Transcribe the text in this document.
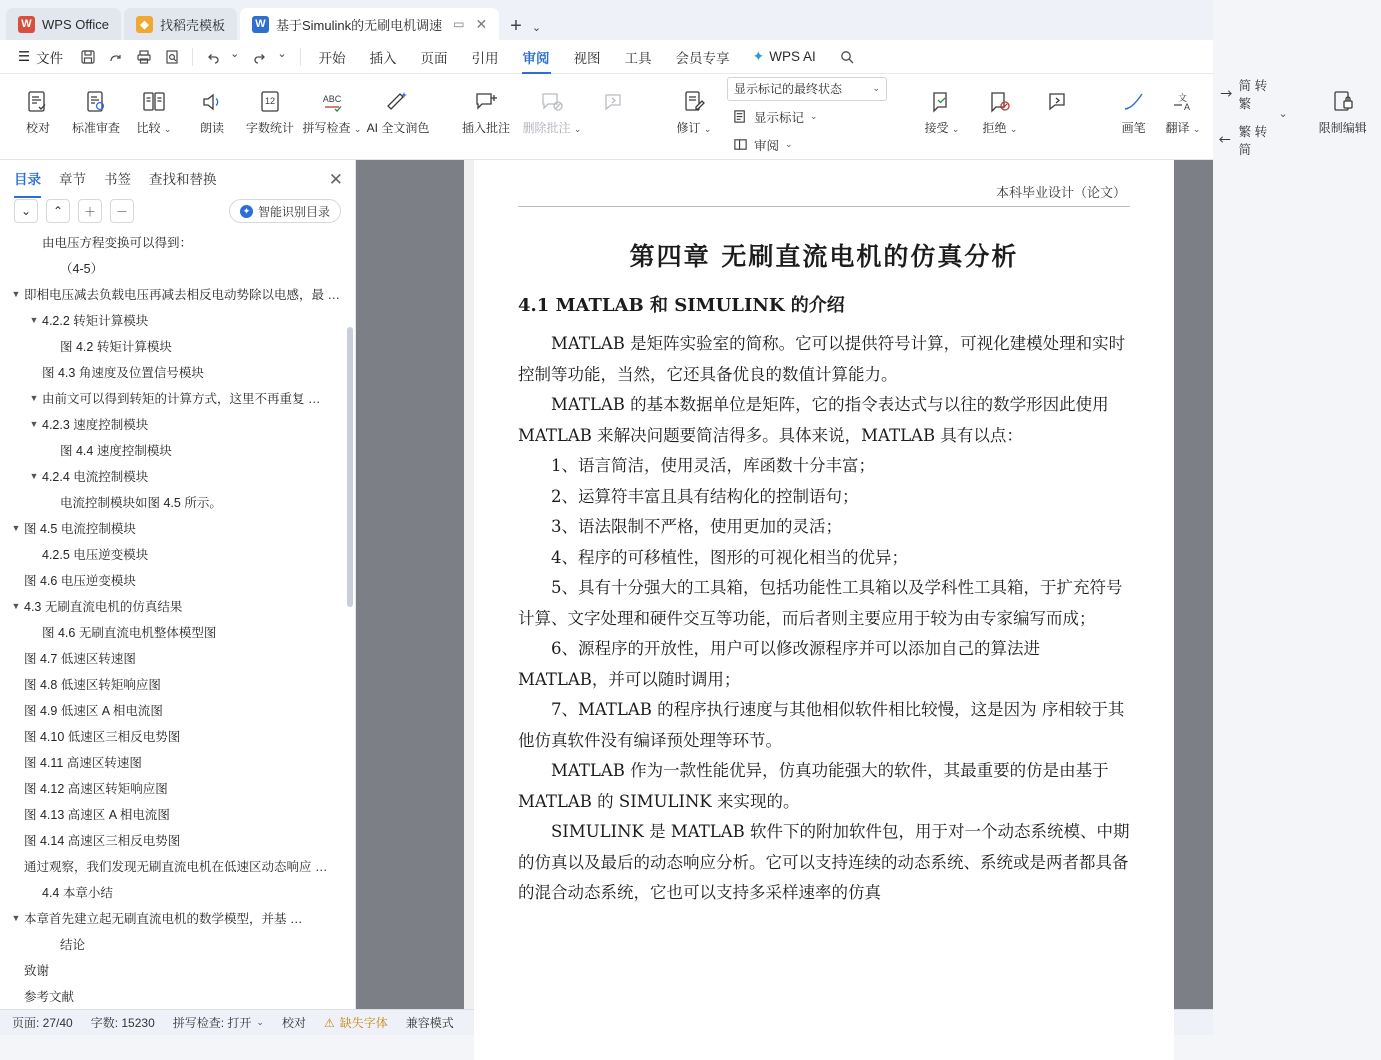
W WPS Office	◆ 找稻壳模板	W 基于Simulink的无刷电机调速 ▭ ✕	+ ⌄
☰ 文件	⌄	⌄	开始	插入	页面	引用	审阅	视图	工具	会员专享	✦ WPS AI
校对 标准审查 比较 ⌄ 朗读
12
字数统计
ABC
拼写检查 ⌄ AI 全文润色	插入批注 删除批注 ⌄	修订 ⌄
显示标记的最终状态	⌄
显示标记 ⌄
审阅 ⌄
接受 ⌄ 拒绝 ⌄	画笔
文
A
翻译 ⌄
简 转繁
繁 转简
⌄
限制编辑
目录 章节 书签 查找和替换	✕
⌄	⌃	＋	－	✦ 智能识别目录
由电压方程变换可以得到：
（4-5）
▼ 即相电压减去负载电压再减去相反电动势除以电感，最 …
▼ 4.2.2 转矩计算模块
图 4.2 转矩计算模块
图 4.3 角速度及位置信号模块
▼ 由前文可以得到转矩的计算方式，这里不再重复 …
▼ 4.2.3 速度控制模块
图 4.4 速度控制模块
▼ 4.2.4 电流控制模块
电流控制模块如图 4.5 所示。
▼ 图 4.5 电流控制模块
4.2.5 电压逆变模块
图 4.6 电压逆变模块
▼ 4.3 无刷直流电机的仿真结果
图 4.6 无刷直流电机整体模型图
图 4.7 低速区转速图
图 4.8 低速区转矩响应图
图 4.9 低速区 A 相电流图
图 4.10 低速区三相反电势图
图 4.11 高速区转速图
图 4.12 高速区转矩响应图
图 4.13 高速区 A 相电流图
图 4.14 高速区三相反电势图
通过观察，我们发现无刷直流电机在低速区动态响应 …
4.4 本章小结
▼ 本章首先建立起无刷直流电机的数学模型，并基 …
结论
致谢
参考文献
本科毕业设计（论文）
第四章 无刷直流电机的仿真分析
4.1 MATLAB 和 SIMULINK 的介绍

MATLAB 是矩阵实验室的简称。它可以提供符号计算，可视化建模处理和实时控制等功能，当然，它还具备优良的数值计算能力。

MATLAB 的基本数据单位是矩阵，它的指令表达式与以往的数学形因此使用 MATLAB 来解决问题要简洁得多。具体来说，MATLAB 具有以点：

1、语言简洁，使用灵活，库函数十分丰富；

2、运算符丰富且具有结构化的控制语句；

3、语法限制不严格，使用更加的灵活；

4、程序的可移植性，图形的可视化相当的优异；

5、具有十分强大的工具箱，包括功能性工具箱以及学科性工具箱，于扩充符号计算、文字处理和硬件交互等功能，而后者则主要应用于较为由专家编写而成；

6、源程序的开放性，用户可以修改源程序并可以添加自己的算法进 MATLAB，并可以随时调用；

7、MATLAB 的程序执行速度与其他相似软件相比较慢，这是因为 序相较于其他仿真软件没有编译预处理等环节。

MATLAB 作为一款性能优异，仿真功能强大的软件，其最重要的仿是由基于 MATLAB 的 SIMULINK 来实现的。

SIMULINK 是 MATLAB 软件下的附加软件包，用于对一个动态系统模、中期的仿真以及最后的动态响应分析。它可以支持连续的动态系统、系统或是两者都具备的混合动态系统，它也可以支持多采样速率的仿真

页面: 27/40 字数: 15230 拼写检查: 打开 ⌄ 校对 ⚠ 缺失字体 兼容模式
